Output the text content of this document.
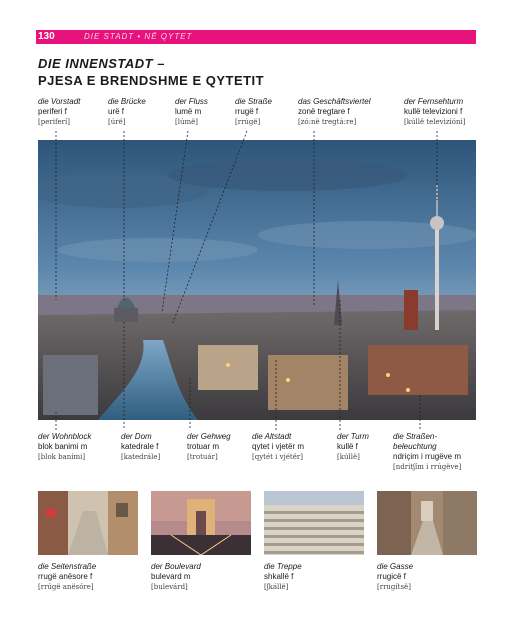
130	DIE STADT • NË QYTET
DIE INNENSTADT –
PJESA E BRENDSHME E QYTETIT
die Vorstadt
periferi f
[periferí]
die Brücke
urë f
[úrë]
der Fluss
lumë m
[lúmë]
die Straße
rrugë f
[rrúgë]
das Geschäftsviertel
zonë tregtare f
[zó:në tregtá:re]
der Fernsehturm
kullë televizioni f
[kúllë televizióni]
der Wohnblock
blok banimi m
[blok baními]
der Dom
katedrale f
[katedrále]
der Gehweg
trotuar m
[trotuár]
die Altstadt
qytet i vjetër m
[qytét i vjétër]
der Turm
kullë f
[kúllë]
die Straßen-
beleuchtung
ndriçim i rrugëve m
[ndritʃím i rrúgëve]
die Seitenstraße
rrugë anësore f
[rrúgë anësóre]
der Boulevard
bulevard m
[bulevárd]
die Treppe
shkallë f
[ʃkállë]
die Gasse
rrugicë f
[rrugítsë]
